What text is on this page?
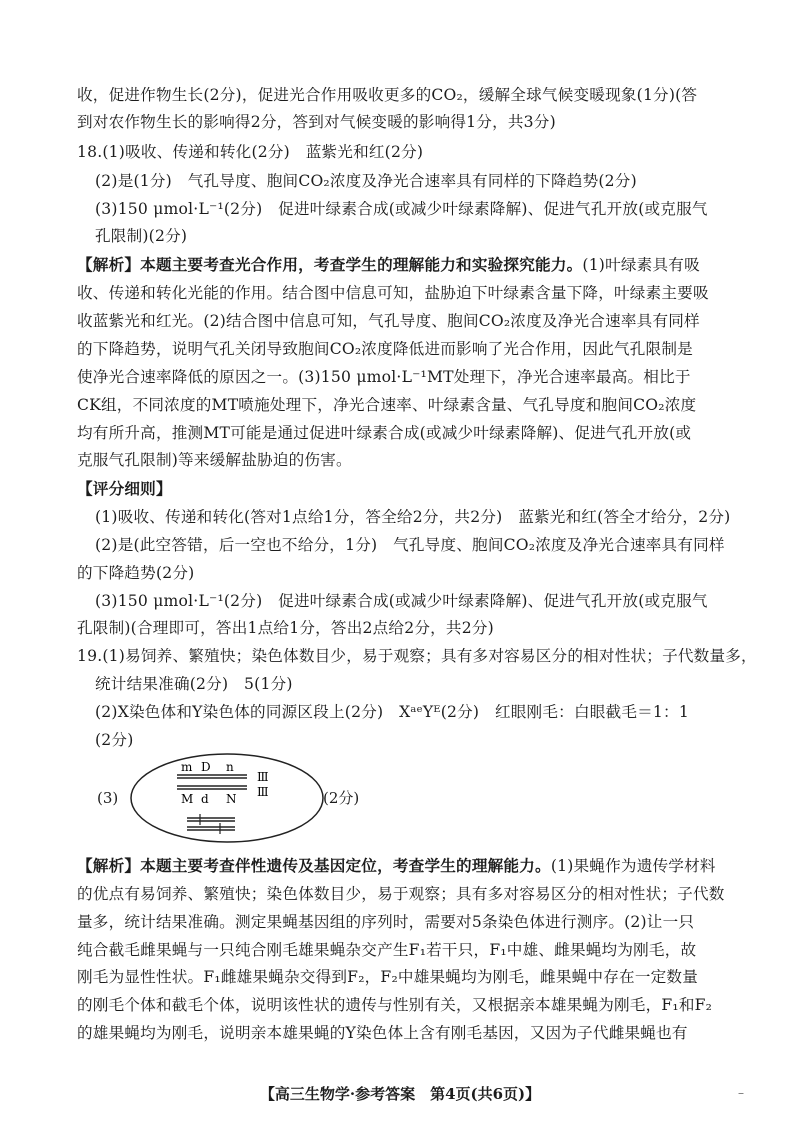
收，促进作物生长(2分)，促进光合作用吸收更多的CO₂，缓解全球气候变暖现象(1分)(答
到对农作物生长的影响得2分，答到对气候变暖的影响得1分，共3分)
18.(1)吸收、传递和转化(2分)　蓝紫光和红(2分)
(2)是(1分)　气孔导度、胞间CO₂浓度及净光合速率具有同样的下降趋势(2分)
(3)150 μmol·L⁻¹(2分)　促进叶绿素合成(或减少叶绿素降解)、促进气孔开放(或克服气
孔限制)(2分)
【解析】本题主要考查光合作用，考查学生的理解能力和实验探究能力。(1)叶绿素具有吸
收、传递和转化光能的作用。结合图中信息可知，盐胁迫下叶绿素含量下降，叶绿素主要吸
收蓝紫光和红光。(2)结合图中信息可知，气孔导度、胞间CO₂浓度及净光合速率具有同样
的下降趋势，说明气孔关闭导致胞间CO₂浓度降低进而影响了光合作用，因此气孔限制是
使净光合速率降低的原因之一。(3)150 μmol·L⁻¹MT处理下，净光合速率最高。相比于
CK组，不同浓度的MT喷施处理下，净光合速率、叶绿素含量、气孔导度和胞间CO₂浓度
均有所升高，推测MT可能是通过促进叶绿素合成(或减少叶绿素降解)、促进气孔开放(或
克服气孔限制)等来缓解盐胁迫的伤害。
【评分细则】
(1)吸收、传递和转化(答对1点给1分，答全给2分，共2分)　蓝紫光和红(答全才给分，2分)
(2)是(此空答错，后一空也不给分，1分)　气孔导度、胞间CO₂浓度及净光合速率具有同样
的下降趋势(2分)
(3)150 μmol·L⁻¹(2分)　促进叶绿素合成(或减少叶绿素降解)、促进气孔开放(或克服气
孔限制)(合理即可，答出1点给1分，答出2点给2分，共2分)
19.(1)易饲养、繁殖快；染色体数目少，易于观察；具有多对容易区分的相对性状；子代数量多，
统计结果准确(2分)　5(1分)
(2)X染色体和Y染色体的同源区段上(2分)　XᵃᵉYᴱ(2分)　红眼刚毛：白眼截毛＝1：1
(2分)
(3)	(2分)
m D n
M d N
Ⅲ
Ⅲ
【解析】本题主要考查伴性遗传及基因定位，考查学生的理解能力。(1)果蝇作为遗传学材料
的优点有易饲养、繁殖快；染色体数目少，易于观察；具有多对容易区分的相对性状；子代数
量多，统计结果准确。测定果蝇基因组的序列时，需要对5条染色体进行测序。(2)让一只
纯合截毛雌果蝇与一只纯合刚毛雄果蝇杂交产生F₁若干只，F₁中雄、雌果蝇均为刚毛，故
刚毛为显性性状。F₁雌雄果蝇杂交得到F₂，F₂中雄果蝇均为刚毛，雌果蝇中存在一定数量
的刚毛个体和截毛个体，说明该性状的遗传与性别有关，又根据亲本雄果蝇为刚毛，F₁和F₂
的雄果蝇均为刚毛，说明亲本雄果蝇的Y染色体上含有刚毛基因，又因为子代雌果蝇也有
【高三生物学·参考答案　第4页(共6页)】	–
